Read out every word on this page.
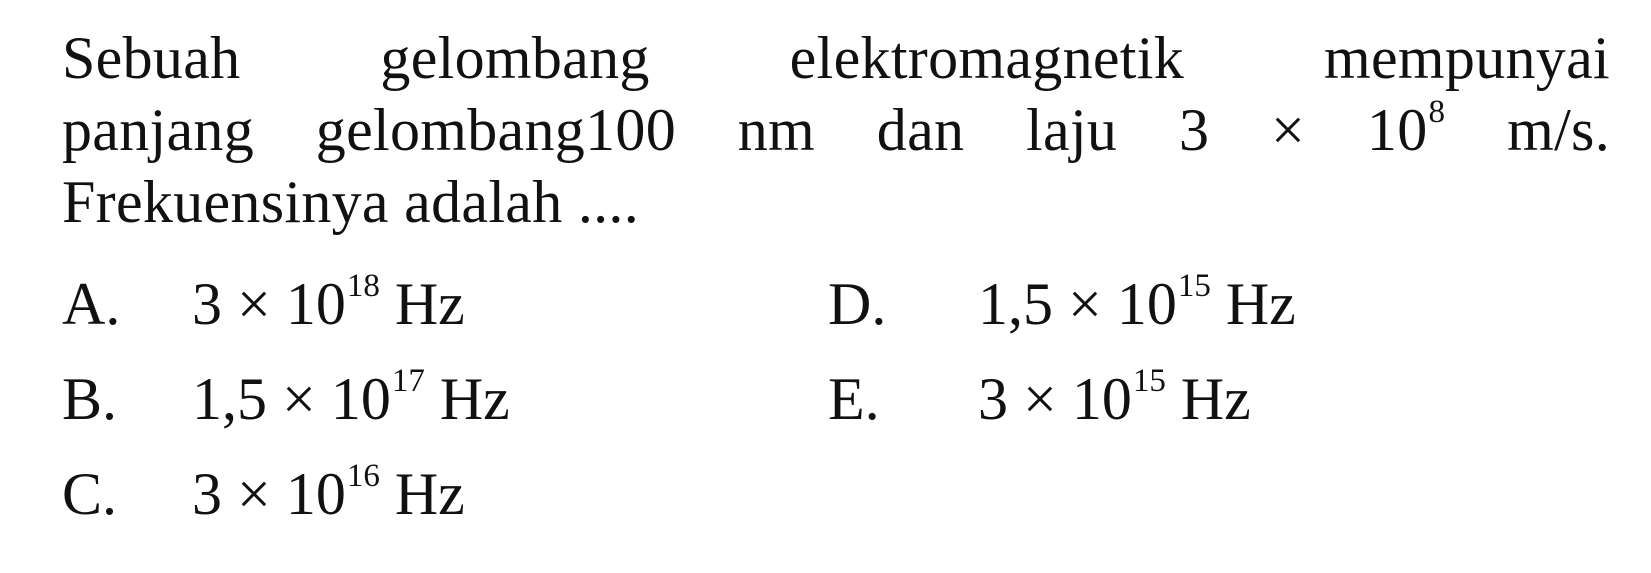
Sebuah gelombang elektromagnetik mempunyai
panjang gelombang100 nm dan laju $3 \times 10^8$ m/s.
Frekuensinya adalah ....
A. $3 \times 10^{18}$ Hz
B. $1,5 \times 10^{17}$ Hz
C. $3 \times 10^{16}$ Hz
D. $1,5 \times 10^{15}$ Hz
E. $3 \times 10^{15}$ Hz
